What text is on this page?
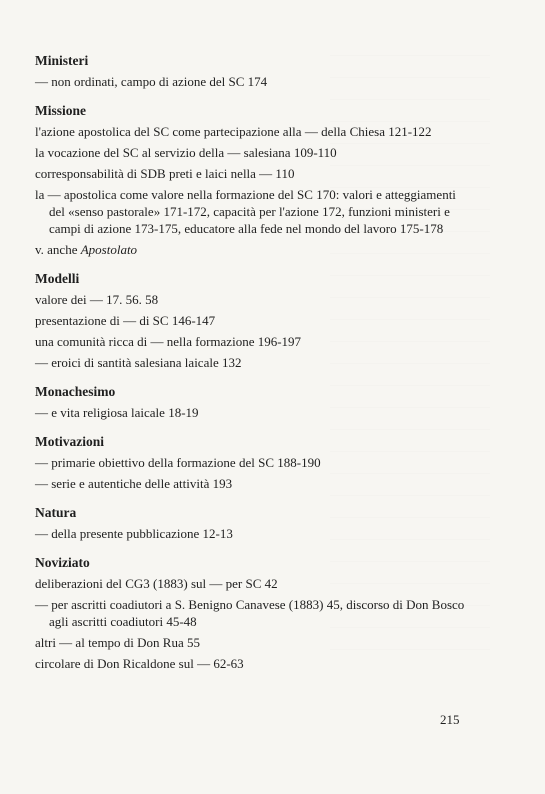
Ministeri
— non ordinati, campo di azione del SC 174
Missione
l'azione apostolica del SC come partecipazione alla — della Chiesa 121-122
la vocazione del SC al servizio della — salesiana 109-110
corresponsabilità di SDB preti e laici nella — 110
la — apostolica come valore nella formazione del SC 170: valori e atteggiamenti del «senso pastorale» 171-172, capacità per l'azione 172, funzioni ministeri e campi di azione 173-175, educatore alla fede nel mondo del lavoro 175-178
v. anche Apostolato
Modelli
valore dei — 17. 56. 58
presentazione di — di SC 146-147
una comunità ricca di — nella formazione 196-197
— eroici di santità salesiana laicale 132
Monachesimo
— e vita religiosa laicale 18-19
Motivazioni
— primarie obiettivo della formazione del SC 188-190
— serie e autentiche delle attività 193
Natura
— della presente pubblicazione 12-13
Noviziato
deliberazioni del CG3 (1883) sul — per SC 42
— per ascritti coadiutori a S. Benigno Canavese (1883) 45, discorso di Don Bosco agli ascritti coadiutori 45-48
altri — al tempo di Don Rua 55
circolare di Don Ricaldone sul — 62-63
215
